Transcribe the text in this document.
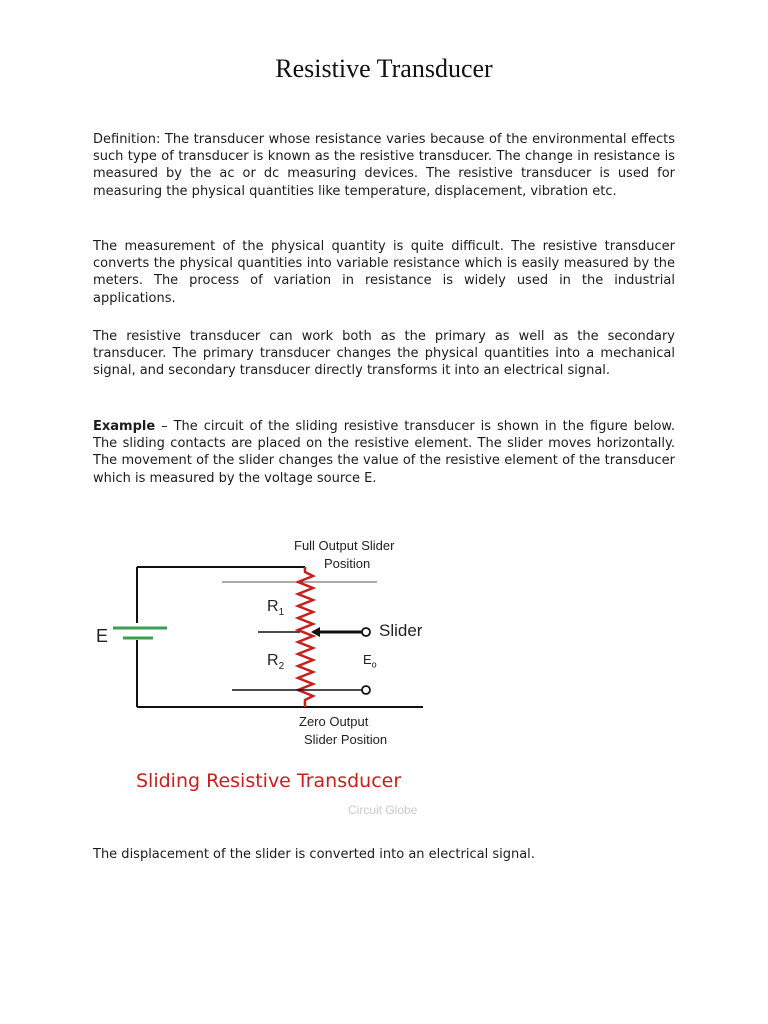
Resistive Transducer

Definition: The transducer whose resistance varies because of the environmental effects such type of transducer is known as the resistive transducer. The change in resistance is measured by the ac or dc measuring devices. The resistive transducer is used for measuring the physical quantities like temperature, displacement, vibration etc.

The measurement of the physical quantity is quite difficult. The resistive transducer converts the physical quantities into variable resistance which is easily measured by the meters. The process of variation in resistance is widely used in the industrial applications.

The resistive transducer can work both as the primary as well as the secondary transducer. The primary transducer changes the physical quantities into a mechanical signal, and secondary transducer directly transforms it into an electrical signal.

Example – The circuit of the sliding resistive transducer is shown in the figure below. The sliding contacts are placed on the resistive element. The slider moves horizontally. The movement of the slider changes the value of the resistive element of the transducer which is measured by the voltage source E.

Full Output Slider
Position
$R_1$
$R_2$
E	Slider
$E_o$
Zero Output
Slider Position
Sliding Resistive Transducer
Circuit Globe

The displacement of the slider is converted into an electrical signal.
